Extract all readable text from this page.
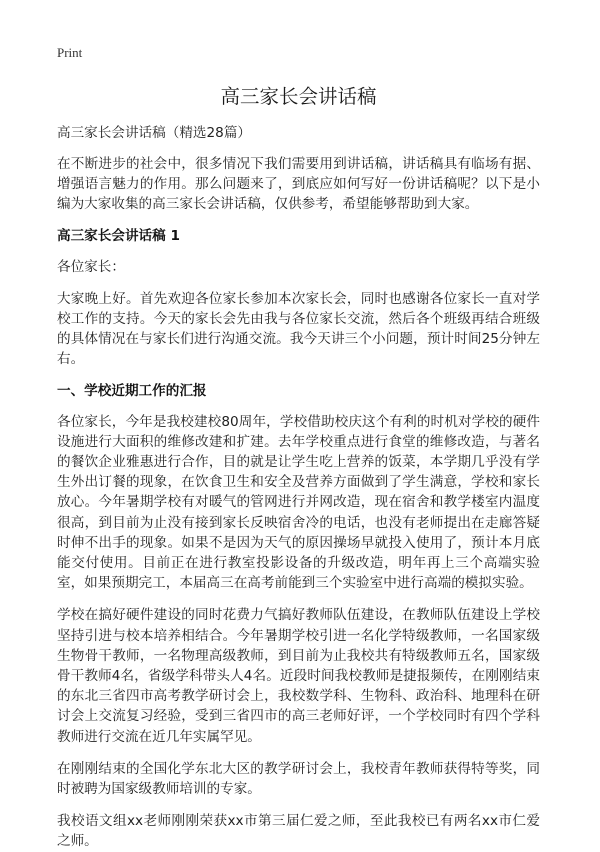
Print
高三家长会讲话稿
高三家长会讲话稿（精选28篇）

在不断进步的社会中，很多情况下我们需要用到讲话稿，讲话稿具有临场有据、增强语言魅力的作用。那么问题来了，到底应如何写好一份讲话稿呢？以下是小编为大家收集的高三家长会讲话稿，仅供参考，希望能够帮助到大家。

高三家长会讲话稿 1

各位家长：

大家晚上好。首先欢迎各位家长参加本次家长会，同时也感谢各位家长一直对学校工作的支持。今天的家长会先由我与各位家长交流，然后各个班级再结合班级的具体情况在与家长们进行沟通交流。我今天讲三个小问题，预计时间25分钟左右。

一、学校近期工作的汇报

各位家长，今年是我校建校80周年，学校借助校庆这个有利的时机对学校的硬件设施进行大面积的维修改建和扩建。去年学校重点进行食堂的维修改造，与著名的餐饮企业雅惠进行合作，目的就是让学生吃上营养的饭菜，本学期几乎没有学生外出订餐的现象，在饮食卫生和安全及营养方面做到了学生满意，学校和家长放心。今年暑期学校有对暖气的管网进行并网改造，现在宿舍和教学楼室内温度很高，到目前为止没有接到家长反映宿舍冷的电话，也没有老师提出在走廊答疑时伸不出手的现象。如果不是因为天气的原因操场早就投入使用了，预计本月底能交付使用。目前正在进行教室投影设备的升级改造，明年再上三个高端实验室，如果预期完工，本届高三在高考前能到三个实验室中进行高端的模拟实验。

学校在搞好硬件建设的同时花费力气搞好教师队伍建设，在教师队伍建设上学校坚持引进与校本培养相结合。今年暑期学校引进一名化学特级教师，一名国家级生物骨干教师，一名物理高级教师，到目前为止我校共有特级教师五名，国家级骨干教师4名，省级学科带头人4名。近段时间我校教师是捷报频传，在刚刚结束的东北三省四市高考教学研讨会上，我校数学科、生物科、政治科、地理科在研讨会上交流复习经验，受到三省四市的高三老师好评，一个学校同时有四个学科教师进行交流在近几年实属罕见。

在刚刚结束的全国化学东北大区的教学研讨会上，我校青年教师获得特等奖，同时被聘为国家级教师培训的专家。

我校语文组xx老师刚刚荣获xx市第三届仁爱之师，至此我校已有两名xx市仁爱之师。
